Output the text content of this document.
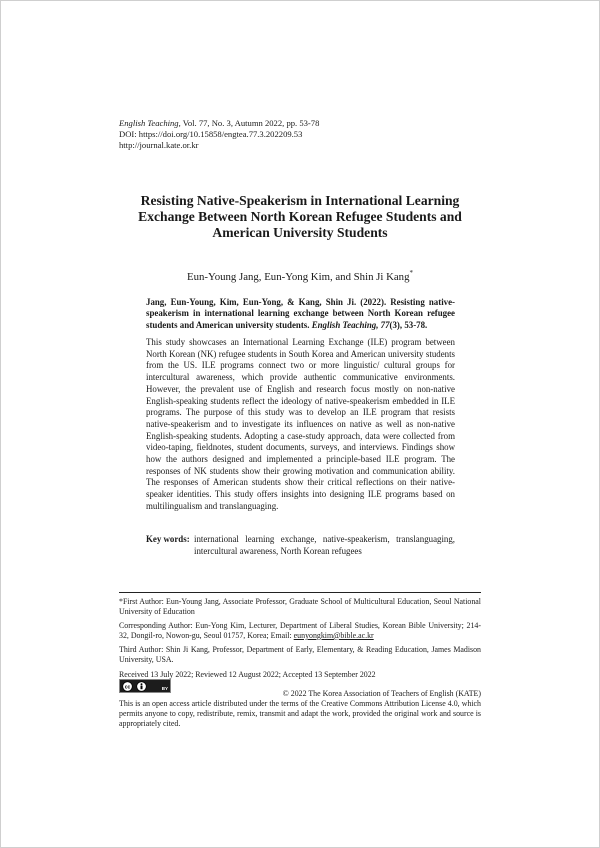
English Teaching, Vol. 77, No. 3, Autumn 2022, pp. 53-78
DOI: https://doi.org/10.15858/engtea.77.3.202209.53
http://journal.kate.or.kr
Resisting Native-Speakerism in International Learning Exchange Between North Korean Refugee Students and American University Students
Eun-Young Jang, Eun-Yong Kim, and Shin Ji Kang*
Jang, Eun-Young, Kim, Eun-Yong, & Kang, Shin Ji. (2022). Resisting native-speakerism in international learning exchange between North Korean refugee students and American university students. English Teaching, 77(3), 53-78.
This study showcases an International Learning Exchange (ILE) program between North Korean (NK) refugee students in South Korea and American university students from the US. ILE programs connect two or more linguistic/ cultural groups for intercultural awareness, which provide authentic communicative environments. However, the prevalent use of English and research focus mostly on non-native English-speaking students reflect the ideology of native-speakerism embedded in ILE programs. The purpose of this study was to develop an ILE program that resists native-speakerism and to investigate its influences on native as well as non-native English-speaking students. Adopting a case-study approach, data were collected from video-taping, fieldnotes, student documents, surveys, and interviews. Findings show how the authors designed and implemented a principle-based ILE program. The responses of NK students show their growing motivation and communication ability. The responses of American students show their critical reflections on their native-speaker identities. This study offers insights into designing ILE programs based on multilingualism and translanguaging.
Key words: international learning exchange, native-speakerism, translanguaging, intercultural awareness, North Korean refugees

*First Author: Eun-Young Jang, Associate Professor, Graduate School of Multicultural Education, Seoul National University of Education

Corresponding Author: Eun-Yong Kim, Lecturer, Department of Liberal Studies, Korean Bible University; 214-32, Dongil-ro, Nowon-gu, Seoul 01757, Korea; Email: eunyongkim@bible.ac.kr

Third Author: Shin Ji Kang, Professor, Department of Early, Elementary, & Reading Education, James Madison University, USA.

Received 13 July 2022; Reviewed 12 August 2022; Accepted 13 September 2022

cc	BY
© 2022 The Korea Association of Teachers of English (KATE)
This is an open access article distributed under the terms of the Creative Commons Attribution License 4.0, which permits anyone to copy, redistribute, remix, transmit and adapt the work, provided the original work and source is appropriately cited.
